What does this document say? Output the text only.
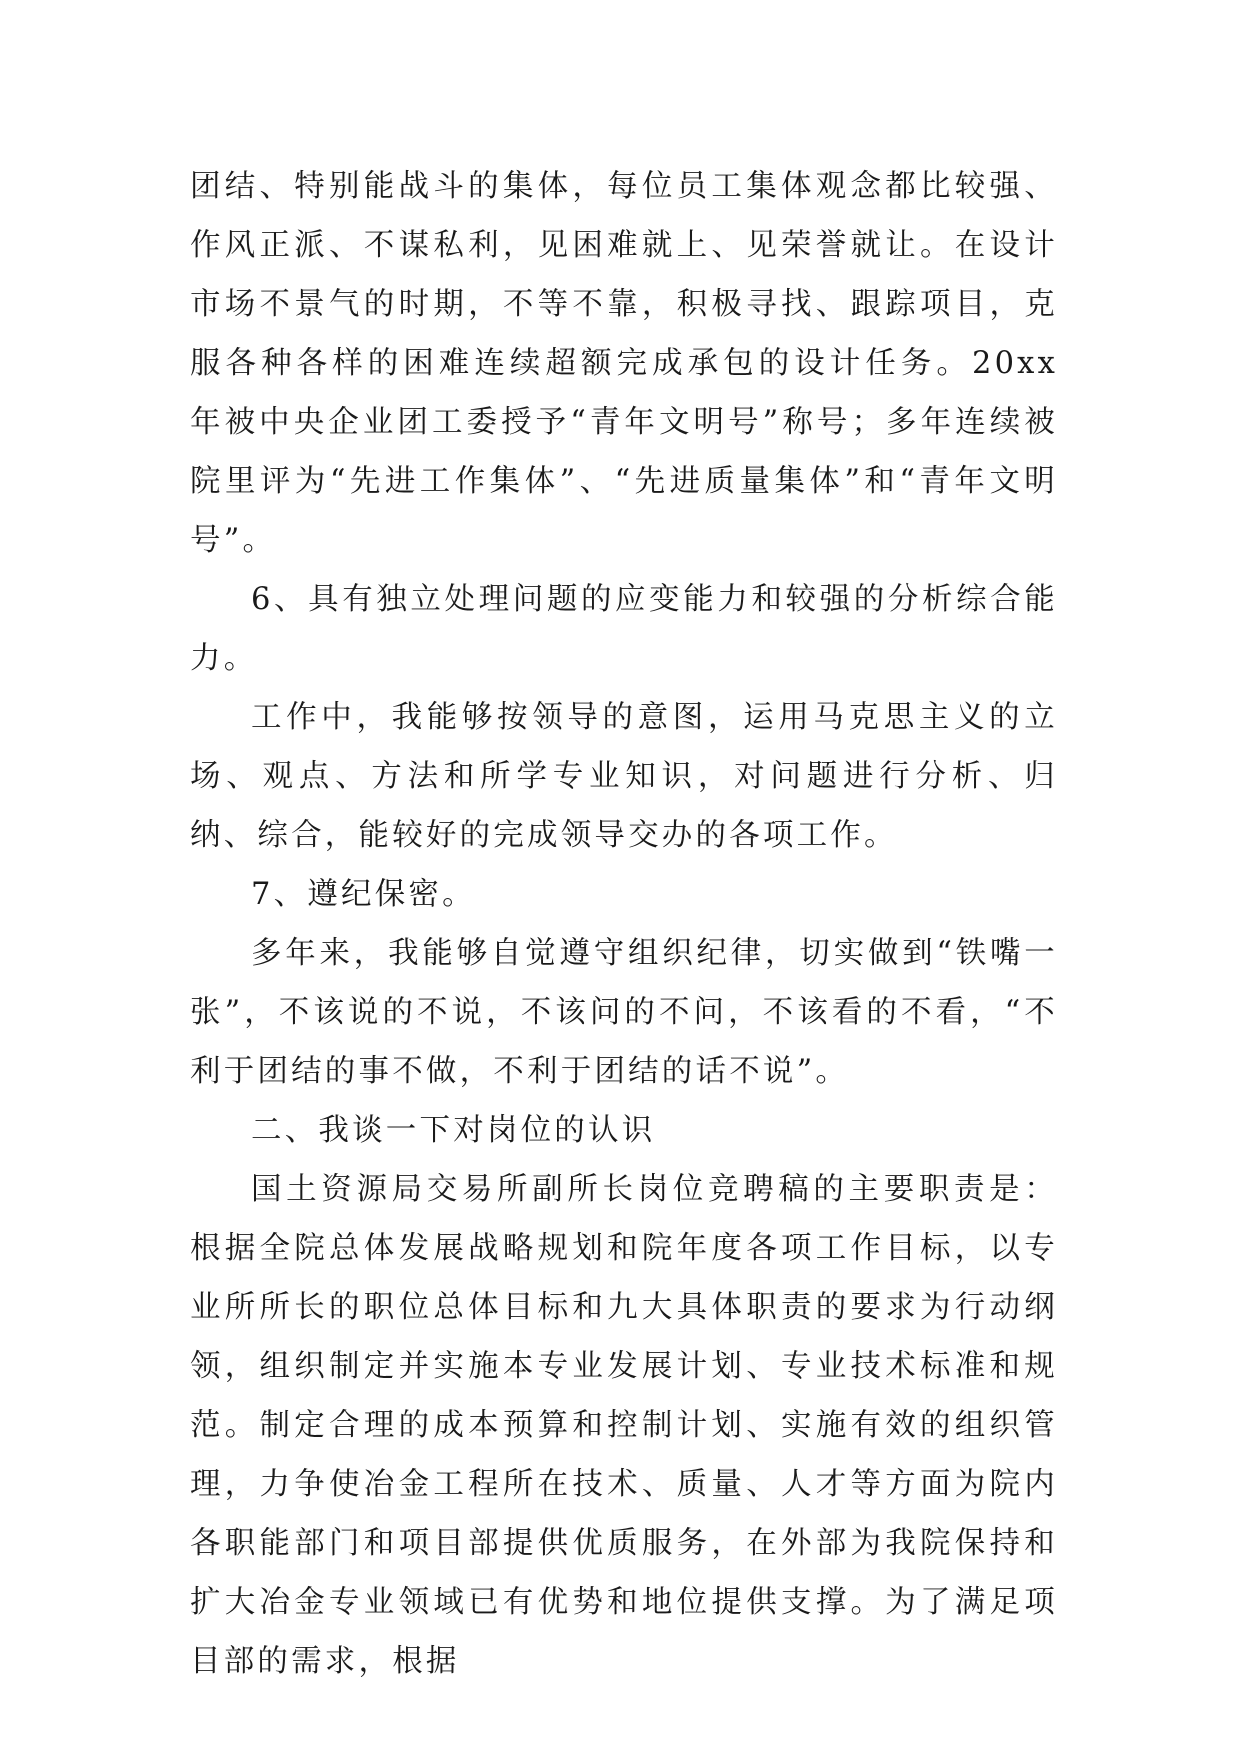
团结、特别能战斗的集体，每位员工集体观念都比较强、作风正派、不谋私利，见困难就上、见荣誉就让。在设计市场不景气的时期，不等不靠，积极寻找、跟踪项目，克服各种各样的困难连续超额完成承包的设计任务。20xx 年被中央企业团工委授予“青年文明号”称号；多年连续被院里评为“先进工作集体”、“先进质量集体”和“青年文明号”。

6、具有独立处理问题的应变能力和较强的分析综合能力。

工作中，我能够按领导的意图，运用马克思主义的立场、观点、方法和所学专业知识，对问题进行分析、归纳、综合，能较好的完成领导交办的各项工作。

7、遵纪保密。

多年来，我能够自觉遵守组织纪律，切实做到“铁嘴一张”，不该说的不说，不该问的不问，不该看的不看，“不利于团结的事不做，不利于团结的话不说”。

二、我谈一下对岗位的认识

国土资源局交易所副所长岗位竞聘稿的主要职责是：根据全院总体发展战略规划和院年度各项工作目标，以专业所所长的职位总体目标和九大具体职责的要求为行动纲领，组织制定并实施本专业发展计划、专业技术标准和规范。制定合理的成本预算和控制计划、实施有效的组织管理，力争使冶金工程所在技术、质量、人才等方面为院内各职能部门和项目部提供优质服务，在外部为我院保持和扩大冶金专业领域已有优势和地位提供支撑。为了满足项目部的需求，根据
